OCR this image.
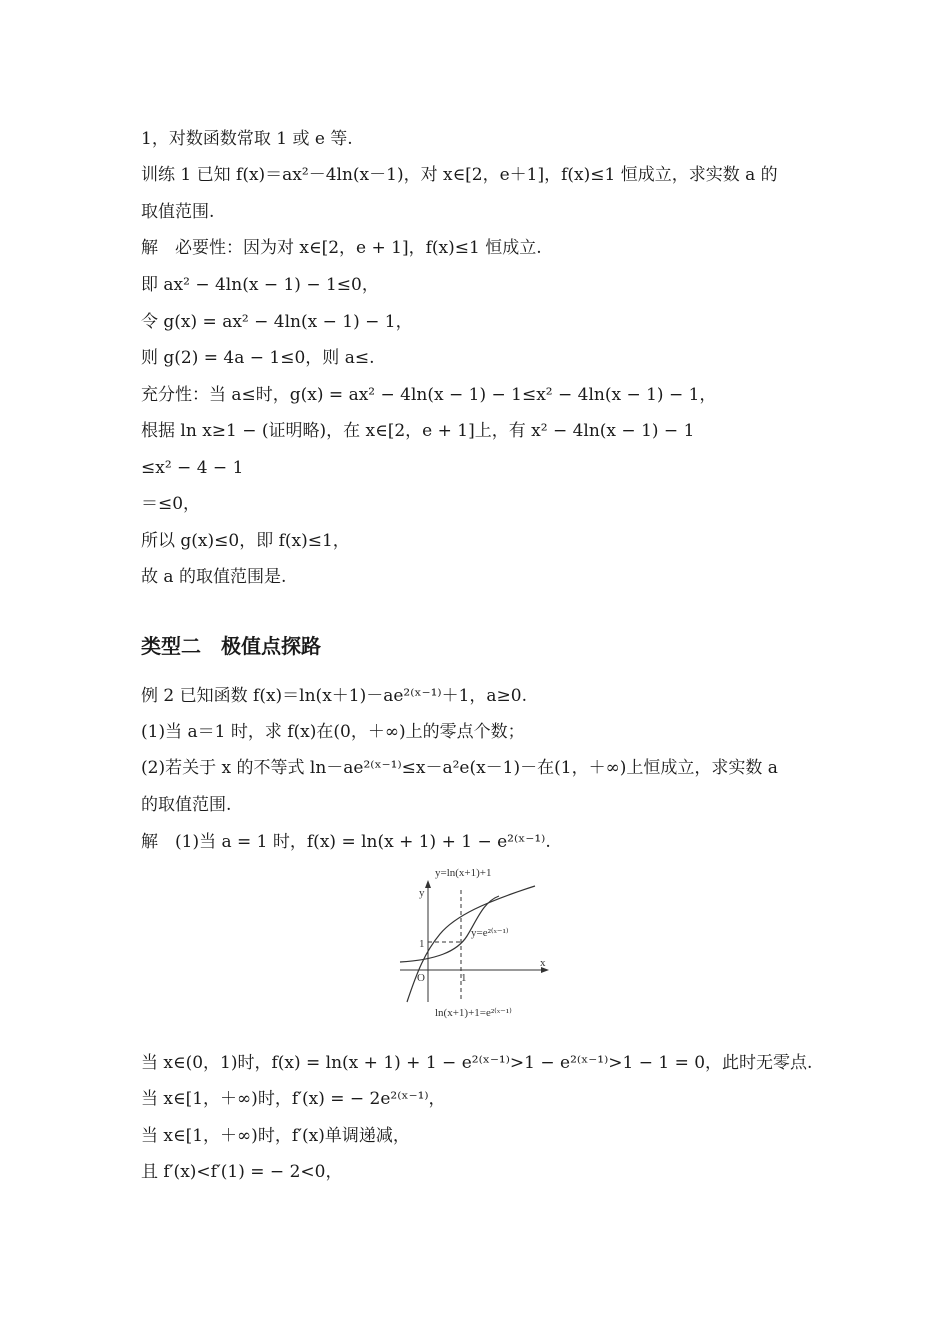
1，对数函数常取 1 或 e 等.
训练 1 已知 f(x)＝ax²－4ln(x－1)，对 x∈[2，e＋1]，f(x)≤1 恒成立，求实数 a 的
取值范围.
解　必要性：因为对 x∈[2，e + 1]，f(x)≤1 恒成立.
即 ax² − 4ln(x − 1) − 1≤0，
令 g(x) = ax² − 4ln(x − 1) − 1，
则 g(2) = 4a − 1≤0，则 a≤.
充分性：当 a≤时，g(x) = ax² − 4ln(x − 1) − 1≤x² − 4ln(x − 1) − 1，
根据 ln x≥1 − (证明略)，在 x∈[2，e + 1]上，有 x² − 4ln(x − 1) − 1
≤x² − 4 − 1
＝≤0，
所以 g(x)≤0，即 f(x)≤1，
故 a 的取值范围是.
类型二　极值点探路
例 2 已知函数 f(x)＝ln(x＋1)－ae²⁽ˣ⁻¹⁾＋1，a≥0.
(1)当 a＝1 时，求 f(x)在(0，＋∞)上的零点个数；
(2)若关于 x 的不等式 ln－ae²⁽ˣ⁻¹⁾≤x－a²e(x－1)－在(1，＋∞)上恒成立，求实数 a
的取值范围.
解　(1)当 a = 1 时，f(x) = ln(x + 1) + 1 − e²⁽ˣ⁻¹⁾.
y=ln(x+1)+1
y
x
O	1
1
y=e²⁽ˣ⁻¹⁾
ln(x+1)+1=e²⁽ˣ⁻¹⁾
当 x∈(0，1)时，f(x) = ln(x + 1) + 1 − e²⁽ˣ⁻¹⁾>1 − e²⁽ˣ⁻¹⁾>1 − 1 = 0，此时无零点.
当 x∈[1，＋∞)时，f′(x) = − 2e²⁽ˣ⁻¹⁾，
当 x∈[1，＋∞)时，f′(x)单调递减，
且 f′(x)<f′(1) = − 2<0，
